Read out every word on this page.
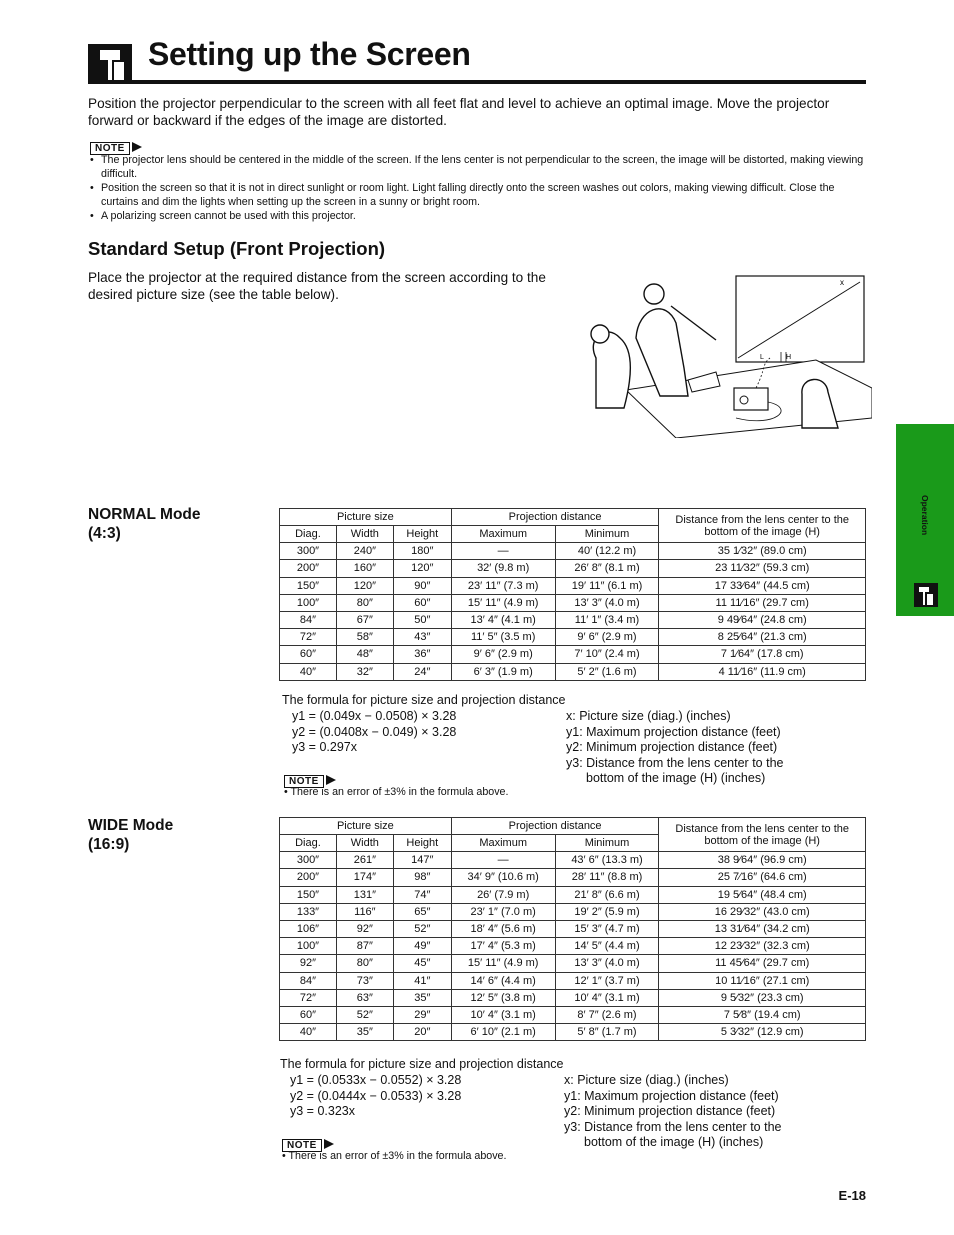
Setting up the Screen

Position the projector perpendicular to the screen with all feet flat and level to achieve an optimal image. Move the projector forward or backward if the edges of the image are distorted.

NOTE
• The projector lens should be centered in the middle of the screen. If the lens center is not perpendicular to the screen, the image will be distorted, making viewing difficult.
• Position the screen so that it is not in direct sunlight or room light. Light falling directly onto the screen washes out colors, making viewing difficult. Close the curtains and dim the lights when setting up the screen in a sunny or bright room.
• A polarizing screen cannot be used with this projector.
Standard Setup (Front Projection)

Place the projector at the required distance from the screen according to the desired picture size (see the table below).

x
L	H

NORMAL Mode

(4:3)

Picture size			Projection distance		Distance from the lens center to the bottom of the image (H)
Diag.	Width	Height	Maximum	Minimum	
300″	240″	180″	—	40′ (12.2 m)	35 1⁄32″ (89.0 cm)
200″	160″	120″	32′ (9.8 m)	26′ 8″ (8.1 m)	23 11⁄32″ (59.3 cm)
150″	120″	90″	23′ 11″ (7.3 m)	19′ 11″ (6.1 m)	17 33⁄64″ (44.5 cm)
100″	80″	60″	15′ 11″ (4.9 m)	13′ 3″ (4.0 m)	11 11⁄16″ (29.7 cm)
84″	67″	50″	13′ 4″ (4.1 m)	11′ 1″ (3.4 m)	9 49⁄64″ (24.8 cm)
72″	58″	43″	11′ 5″ (3.5 m)	9′ 6″ (2.9 m)	8 25⁄64″ (21.3 cm)
60″	48″	36″	9′ 6″ (2.9 m)	7′ 10″ (2.4 m)	7 1⁄64″ (17.8 cm)
40″	32″	24″	6′ 3″ (1.9 m)	5′ 2″ (1.6 m)	4 11⁄16″ (11.9 cm)
The formula for picture size and projection distance
y1 = (0.049x − 0.0508) × 3.28
y2 = (0.0408x − 0.049) × 3.28
y3 = 0.297x
x: Picture size (diag.) (inches)
y1: Maximum projection distance (feet)
y2: Minimum projection distance (feet)
y3: Distance from the lens center to the
bottom of the image (H) (inches)
NOTE
• There is an error of ±3% in the formula above.

WIDE Mode

(16:9)

Picture size			Projection distance		Distance from the lens center to the bottom of the image (H)
Diag.	Width	Height	Maximum	Minimum	
300″	261″	147″	—	43′ 6″ (13.3 m)	38 9⁄64″ (96.9 cm)
200″	174″	98″	34′ 9″ (10.6 m)	28′ 11″ (8.8 m)	25 7⁄16″ (64.6 cm)
150″	131″	74″	26′ (7.9 m)	21′ 8″ (6.6 m)	19 5⁄64″ (48.4 cm)
133″	116″	65″	23′ 1″ (7.0 m)	19′ 2″ (5.9 m)	16 29⁄32″ (43.0 cm)
106″	92″	52″	18′ 4″ (5.6 m)	15′ 3″ (4.7 m)	13 31⁄64″ (34.2 cm)
100″	87″	49″	17′ 4″ (5.3 m)	14′ 5″ (4.4 m)	12 23⁄32″ (32.3 cm)
92″	80″	45″	15′ 11″ (4.9 m)	13′ 3″ (4.0 m)	11 45⁄64″ (29.7 cm)
84″	73″	41″	14′ 6″ (4.4 m)	12′ 1″ (3.7 m)	10 11⁄16″ (27.1 cm)
72″	63″	35″	12′ 5″ (3.8 m)	10′ 4″ (3.1 m)	9 5⁄32″ (23.3 cm)
60″	52″	29″	10′ 4″ (3.1 m)	8′ 7″ (2.6 m)	7 5⁄8″ (19.4 cm)
40″	35″	20″	6′ 10″ (2.1 m)	5′ 8″ (1.7 m)	5 3⁄32″ (12.9 cm)
The formula for picture size and projection distance
y1 = (0.0533x − 0.0552) × 3.28
y2 = (0.0444x − 0.0533) × 3.28
y3 = 0.323x
x: Picture size (diag.) (inches)
y1: Maximum projection distance (feet)
y2: Minimum projection distance (feet)
y3: Distance from the lens center to the
bottom of the image (H) (inches)
NOTE
• There is an error of ±3% in the formula above.
Operation
E-18
